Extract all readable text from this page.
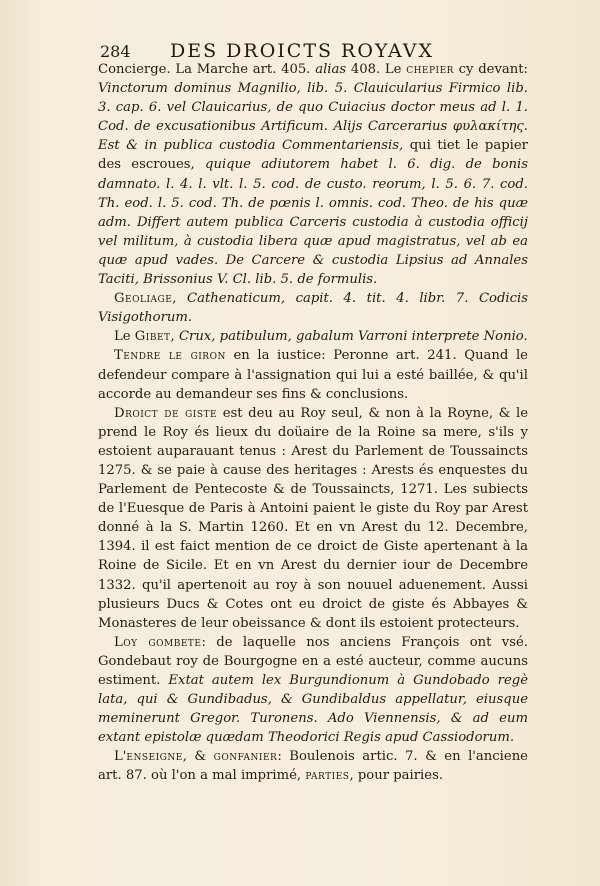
284	DES DROICTS ROYAVX

Concierge. La Marche art. 405. alias 408. Le chepier cy devant: Vinctorum dominus Magnilio, lib. 5. Clauicularius Firmico lib. 3. cap. 6. vel Clauicarius, de quo Cuiacius doctor meus ad l. 1. Cod. de excusationibus Artificum. Alijs Carcerarius φυλακίτης. Est & in publica custodia Commentariensis, qui tiet le papier des escroues, quique adiutorem habet l. 6. dig. de bonis damnato. l. 4. l. vlt. l. 5. cod. de custo. reorum, l. 5. 6. 7. cod. Th. eod. l. 5. cod. Th. de pœnis l. omnis. cod. Theo. de his quæ adm. Differt autem publica Carceris custodia à custodia officij vel militum, à custodia libera quæ apud magistratus, vel ab ea quæ apud vades. De Carcere & custodia Lipsius ad Annales Taciti, Brissonius V. Cl. lib. 5. de formulis.

Geoliage, Cathenaticum, capit. 4. tit. 4. libr. 7. Codicis Visigothorum.

Le Gibet, Crux, patibulum, gabalum Varroni interprete Nonio.

Tendre le giron en la iustice: Peronne art. 241. Quand le defendeur compare à l'assignation qui lui a esté baillée, & qu'il accorde au demandeur ses fins & conclusions.

Droict de giste est deu au Roy seul, & non à la Royne, & le prend le Roy és lieux du doüaire de la Roine sa mere, s'ils y estoient auparauant tenus : Arest du Parlement de Toussaincts 1275. & se paie à cause des heritages : Arests és enquestes du Parlement de Pentecoste & de Toussaincts, 1271. Les subiects de l'Euesque de Paris à Antoini paient le giste du Roy par Arest donné à la S. Martin 1260. Et en vn Arest du 12. Decembre, 1394. il est faict mention de ce droict de Giste apertenant à la Roine de Sicile. Et en vn Arest du dernier iour de Decembre 1332. qu'il apertenoit au roy à son nouuel aduenement. Aussi plusieurs Ducs & Cotes ont eu droict de giste és Abbayes & Monasteres de leur obeissance & dont ils estoient protecteurs.

Loy gombete: de laquelle nos anciens François ont vsé. Gondebaut roy de Bourgogne en a esté aucteur, comme aucuns estiment. Extat autem lex Burgundionum à Gundobado regè lata, qui & Gundibadus, & Gundibaldus appellatur, eiusque meminerunt Gregor. Turonens. Ado Viennensis, & ad eum extant epistolæ quædam Theodorici Regis apud Cassiodorum.

L'enseigne, & gonfanier: Boulenois artic. 7. & en l'anciene art. 87. où l'on a mal imprimé, parties, pour pairies.
